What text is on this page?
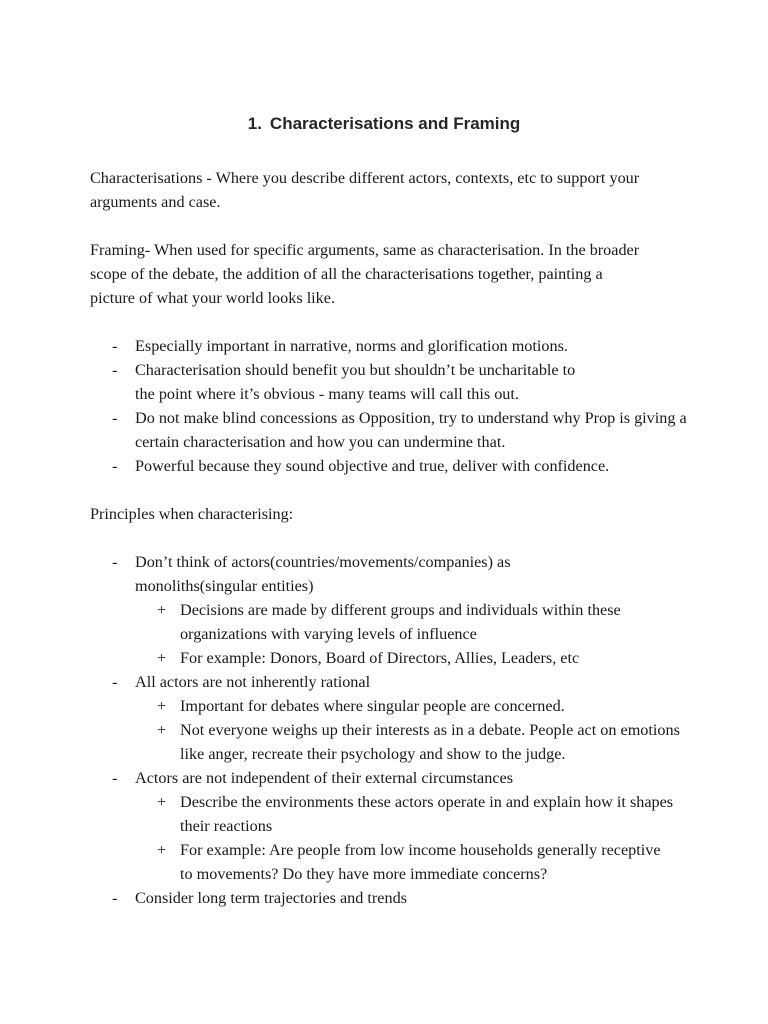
1. Characterisations and Framing

Characterisations - Where you describe different actors, contexts, etc to support your arguments and case.

Framing- When used for specific arguments, same as characterisation. In the broader scope of the debate, the addition of all the characterisations together, painting a picture of what your world looks like.

- Especially important in narrative, norms and glorification motions.
- Characterisation should benefit you but shouldn’t be uncharitable to the point where it’s obvious - many teams will call this out.
- Do not make blind concessions as Opposition, try to understand why Prop is giving a certain characterisation and how you can undermine that.
- Powerful because they sound objective and true, deliver with confidence.

Principles when characterising:

- Don’t think of actors(countries/movements/companies) as monoliths(singular entities)
+ Decisions are made by different groups and individuals within these organizations with varying levels of influence
+ For example: Donors, Board of Directors, Allies, Leaders, etc
- All actors are not inherently rational
+ Important for debates where singular people are concerned.
+ Not everyone weighs up their interests as in a debate. People act on emotions like anger, recreate their psychology and show to the judge.
- Actors are not independent of their external circumstances
+ Describe the environments these actors operate in and explain how it shapes their reactions
+ For example: Are people from low income households generally receptive to movements? Do they have more immediate concerns?
- Consider long term trajectories and trends
